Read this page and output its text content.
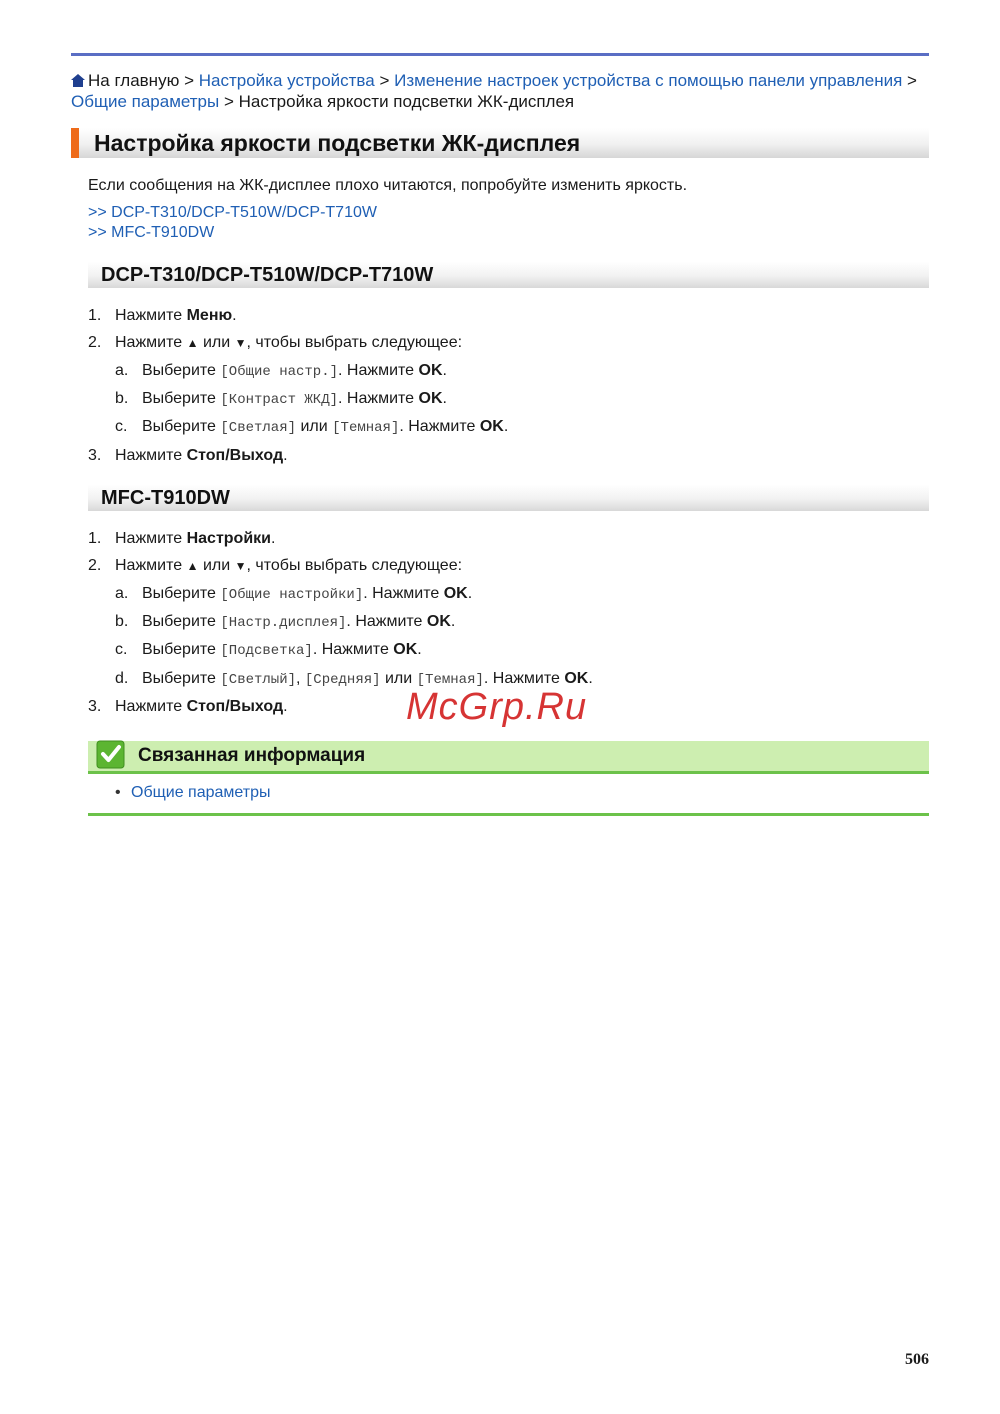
На главную > Настройка устройства > Изменение настроек устройства с помощью панели управления > Общие параметры > Настройка яркости подсветки ЖК-дисплея
Настройка яркости подсветки ЖК-дисплея
Если сообщения на ЖК-дисплее плохо читаются, попробуйте изменить яркость.
>> DCP-T310/DCP-T510W/DCP-T710W
>> MFC-T910DW
DCP-T310/DCP-T510W/DCP-T710W
1. Нажмите Меню.
2. Нажмите ▲ или ▼, чтобы выбрать следующее:
a. Выберите [Общие настр.]. Нажмите OK.
b. Выберите [Контраст ЖКД]. Нажмите OK.
c. Выберите [Светлая] или [Темная]. Нажмите OK.
3. Нажмите Стоп/Выход.
MFC-T910DW
1. Нажмите Настройки.
2. Нажмите ▲ или ▼, чтобы выбрать следующее:
a. Выберите [Общие настройки]. Нажмите OK.
b. Выберите [Настр.дисплея]. Нажмите OK.
c. Выберите [Подсветка]. Нажмите OK.
d. Выберите [Светлый], [Средняя] или [Темная]. Нажмите OK.
3. Нажмите Стоп/Выход.	McGrp.Ru
Связанная информация
• Общие параметры
506
